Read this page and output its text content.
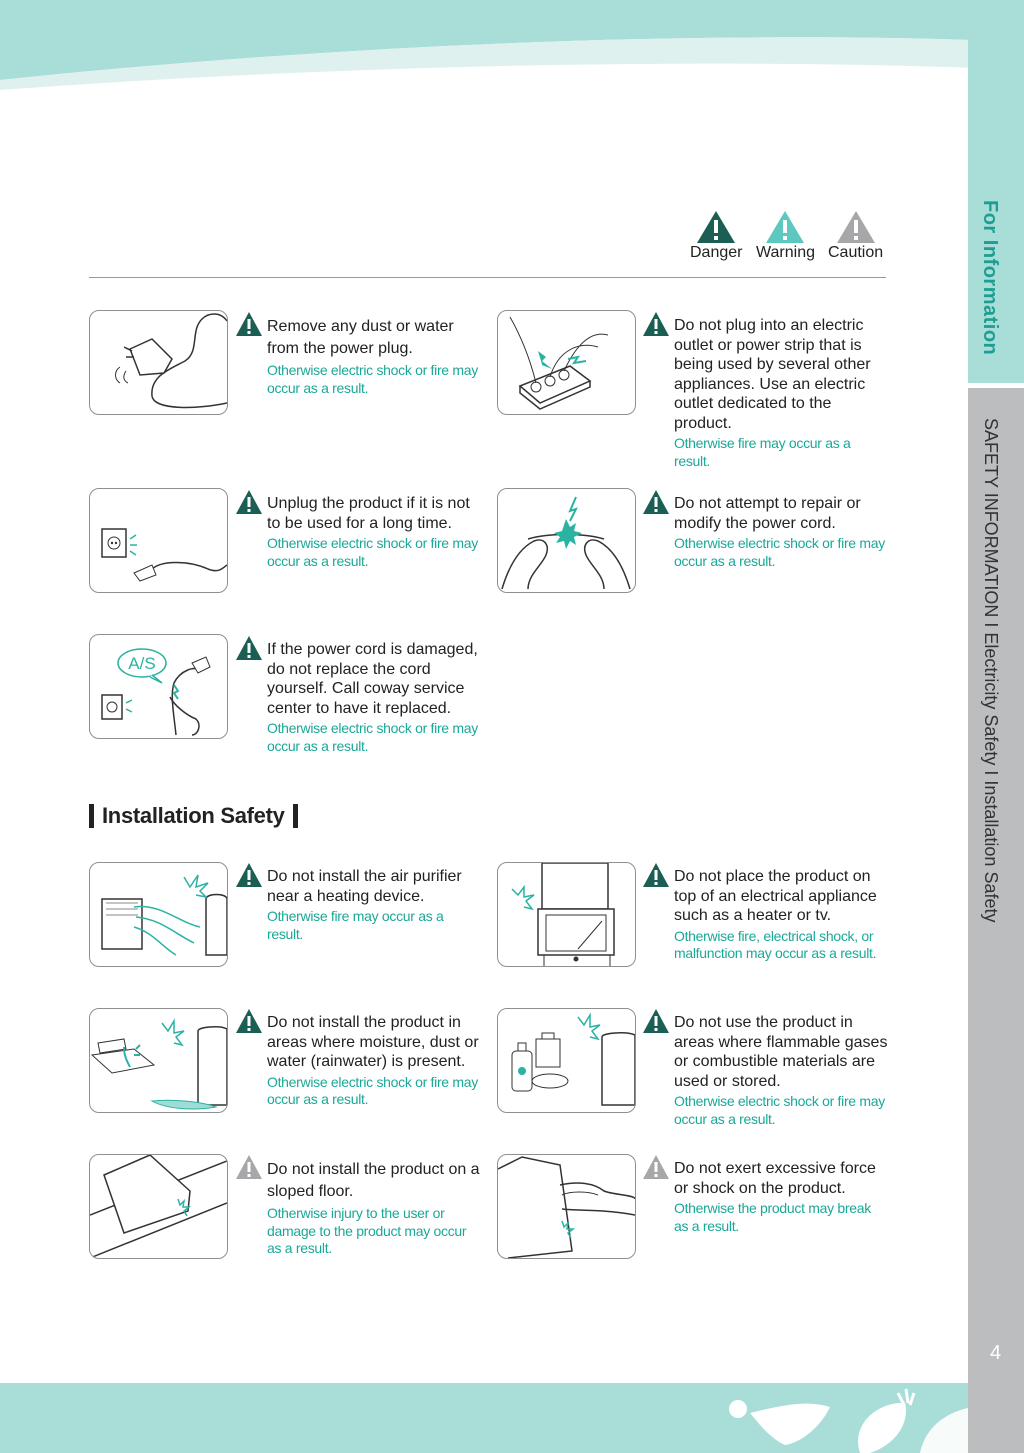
For Information
SAFETY INFORMATION I Electricity Safety I Installation Safety
4
Danger Warning Caution

Remove any dust or water from the power plug.

Otherwise electric shock or fire may occur as a result.

Do not plug into an electric outlet or power strip that is being used by several other appliances. Use an electric outlet dedicated to the product.

Otherwise fire may occur as a result.

Unplug the product if it is not to be used for a long time.

Otherwise electric shock or fire may occur as a result.

Do not attempt to repair or modify the power cord.

Otherwise electric shock or fire may occur as a result.

A/S

If the power cord is damaged, do not replace the cord yourself. Call coway service center to have it replaced.

Otherwise electric shock or fire may occur as a result.

Installation Safety

Do not install the air purifier near a heating device.

Otherwise fire may occur as a result.

Do not place the product on top of an electrical appliance such as a heater or tv.

Otherwise fire, electrical shock, or malfunction may occur as a result.

Do not install the product in areas where moisture, dust or water (rainwater) is present.

Otherwise electric shock or fire may occur as a result.

Do not use the product in areas where flammable gases or combustible materials are used or stored.

Otherwise electric shock or fire may occur as a result.

Do not install the product on a sloped floor.

Otherwise injury to the user or damage to the product may occur as a result.

Do not exert excessive force or shock on the product.

Otherwise the product may break as a result.
